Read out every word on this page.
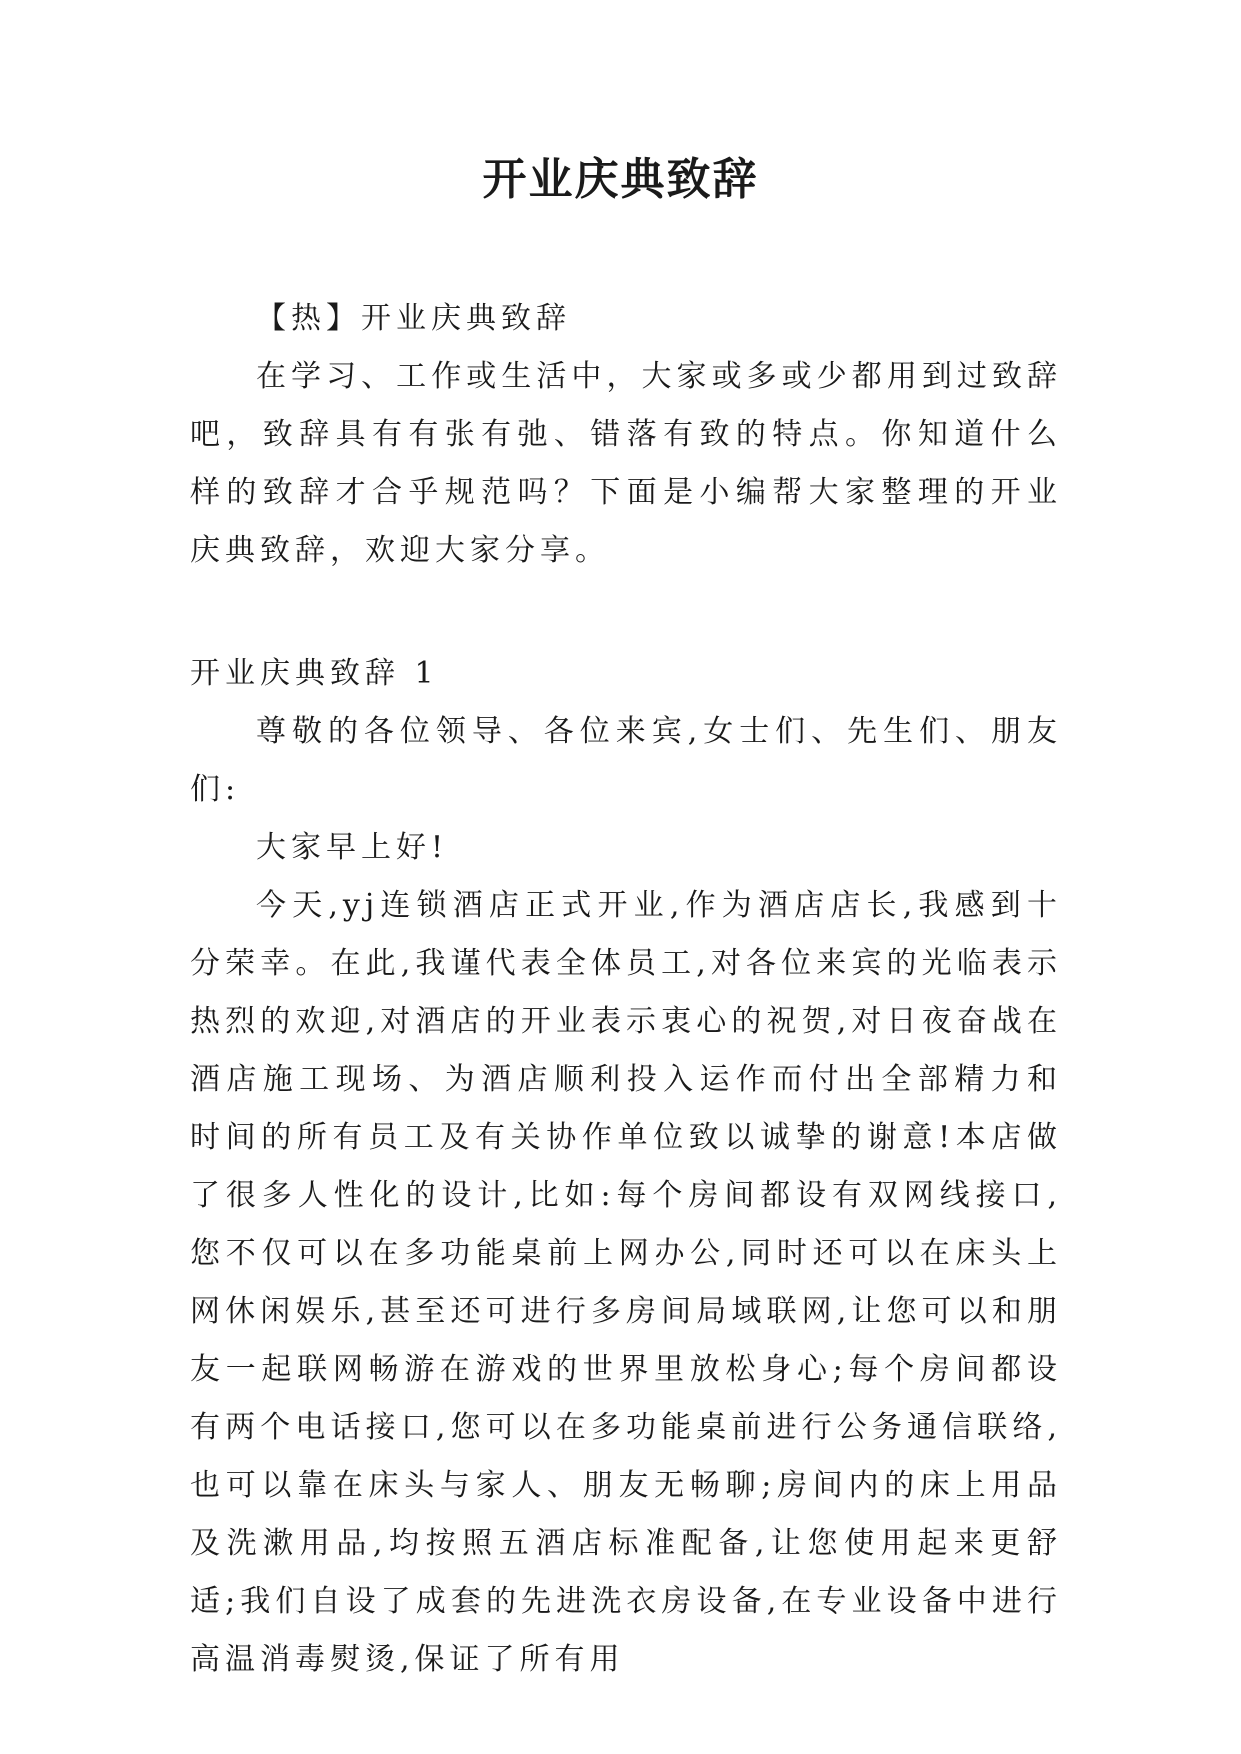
开业庆典致辞

【热】开业庆典致辞

在学习、工作或生活中，大家或多或少都用到过致辞吧，致辞具有有张有弛、错落有致的特点。你知道什么样的致辞才合乎规范吗？下面是小编帮大家整理的开业庆典致辞，欢迎大家分享。

开业庆典致辞 1

尊敬的各位领导、各位来宾,女士们、先生们、朋友们:

大家早上好!

今天,yj连锁酒店正式开业,作为酒店店长,我感到十分荣幸。在此,我谨代表全体员工,对各位来宾的光临表示热烈的欢迎,对酒店的开业表示衷心的祝贺,对日夜奋战在酒店施工现场、为酒店顺利投入运作而付出全部精力和时间的所有员工及有关协作单位致以诚挚的谢意!本店做了很多人性化的设计,比如:每个房间都设有双网线接口,您不仅可以在多功能桌前上网办公,同时还可以在床头上网休闲娱乐,甚至还可进行多房间局域联网,让您可以和朋友一起联网畅游在游戏的世界里放松身心;每个房间都设有两个电话接口,您可以在多功能桌前进行公务通信联络,也可以靠在床头与家人、朋友无畅聊;房间内的床上用品及洗漱用品,均按照五酒店标准配备,让您使用起来更舒适;我们自设了成套的先进洗衣房设备,在专业设备中进行高温消毒熨烫,保证了所有用
